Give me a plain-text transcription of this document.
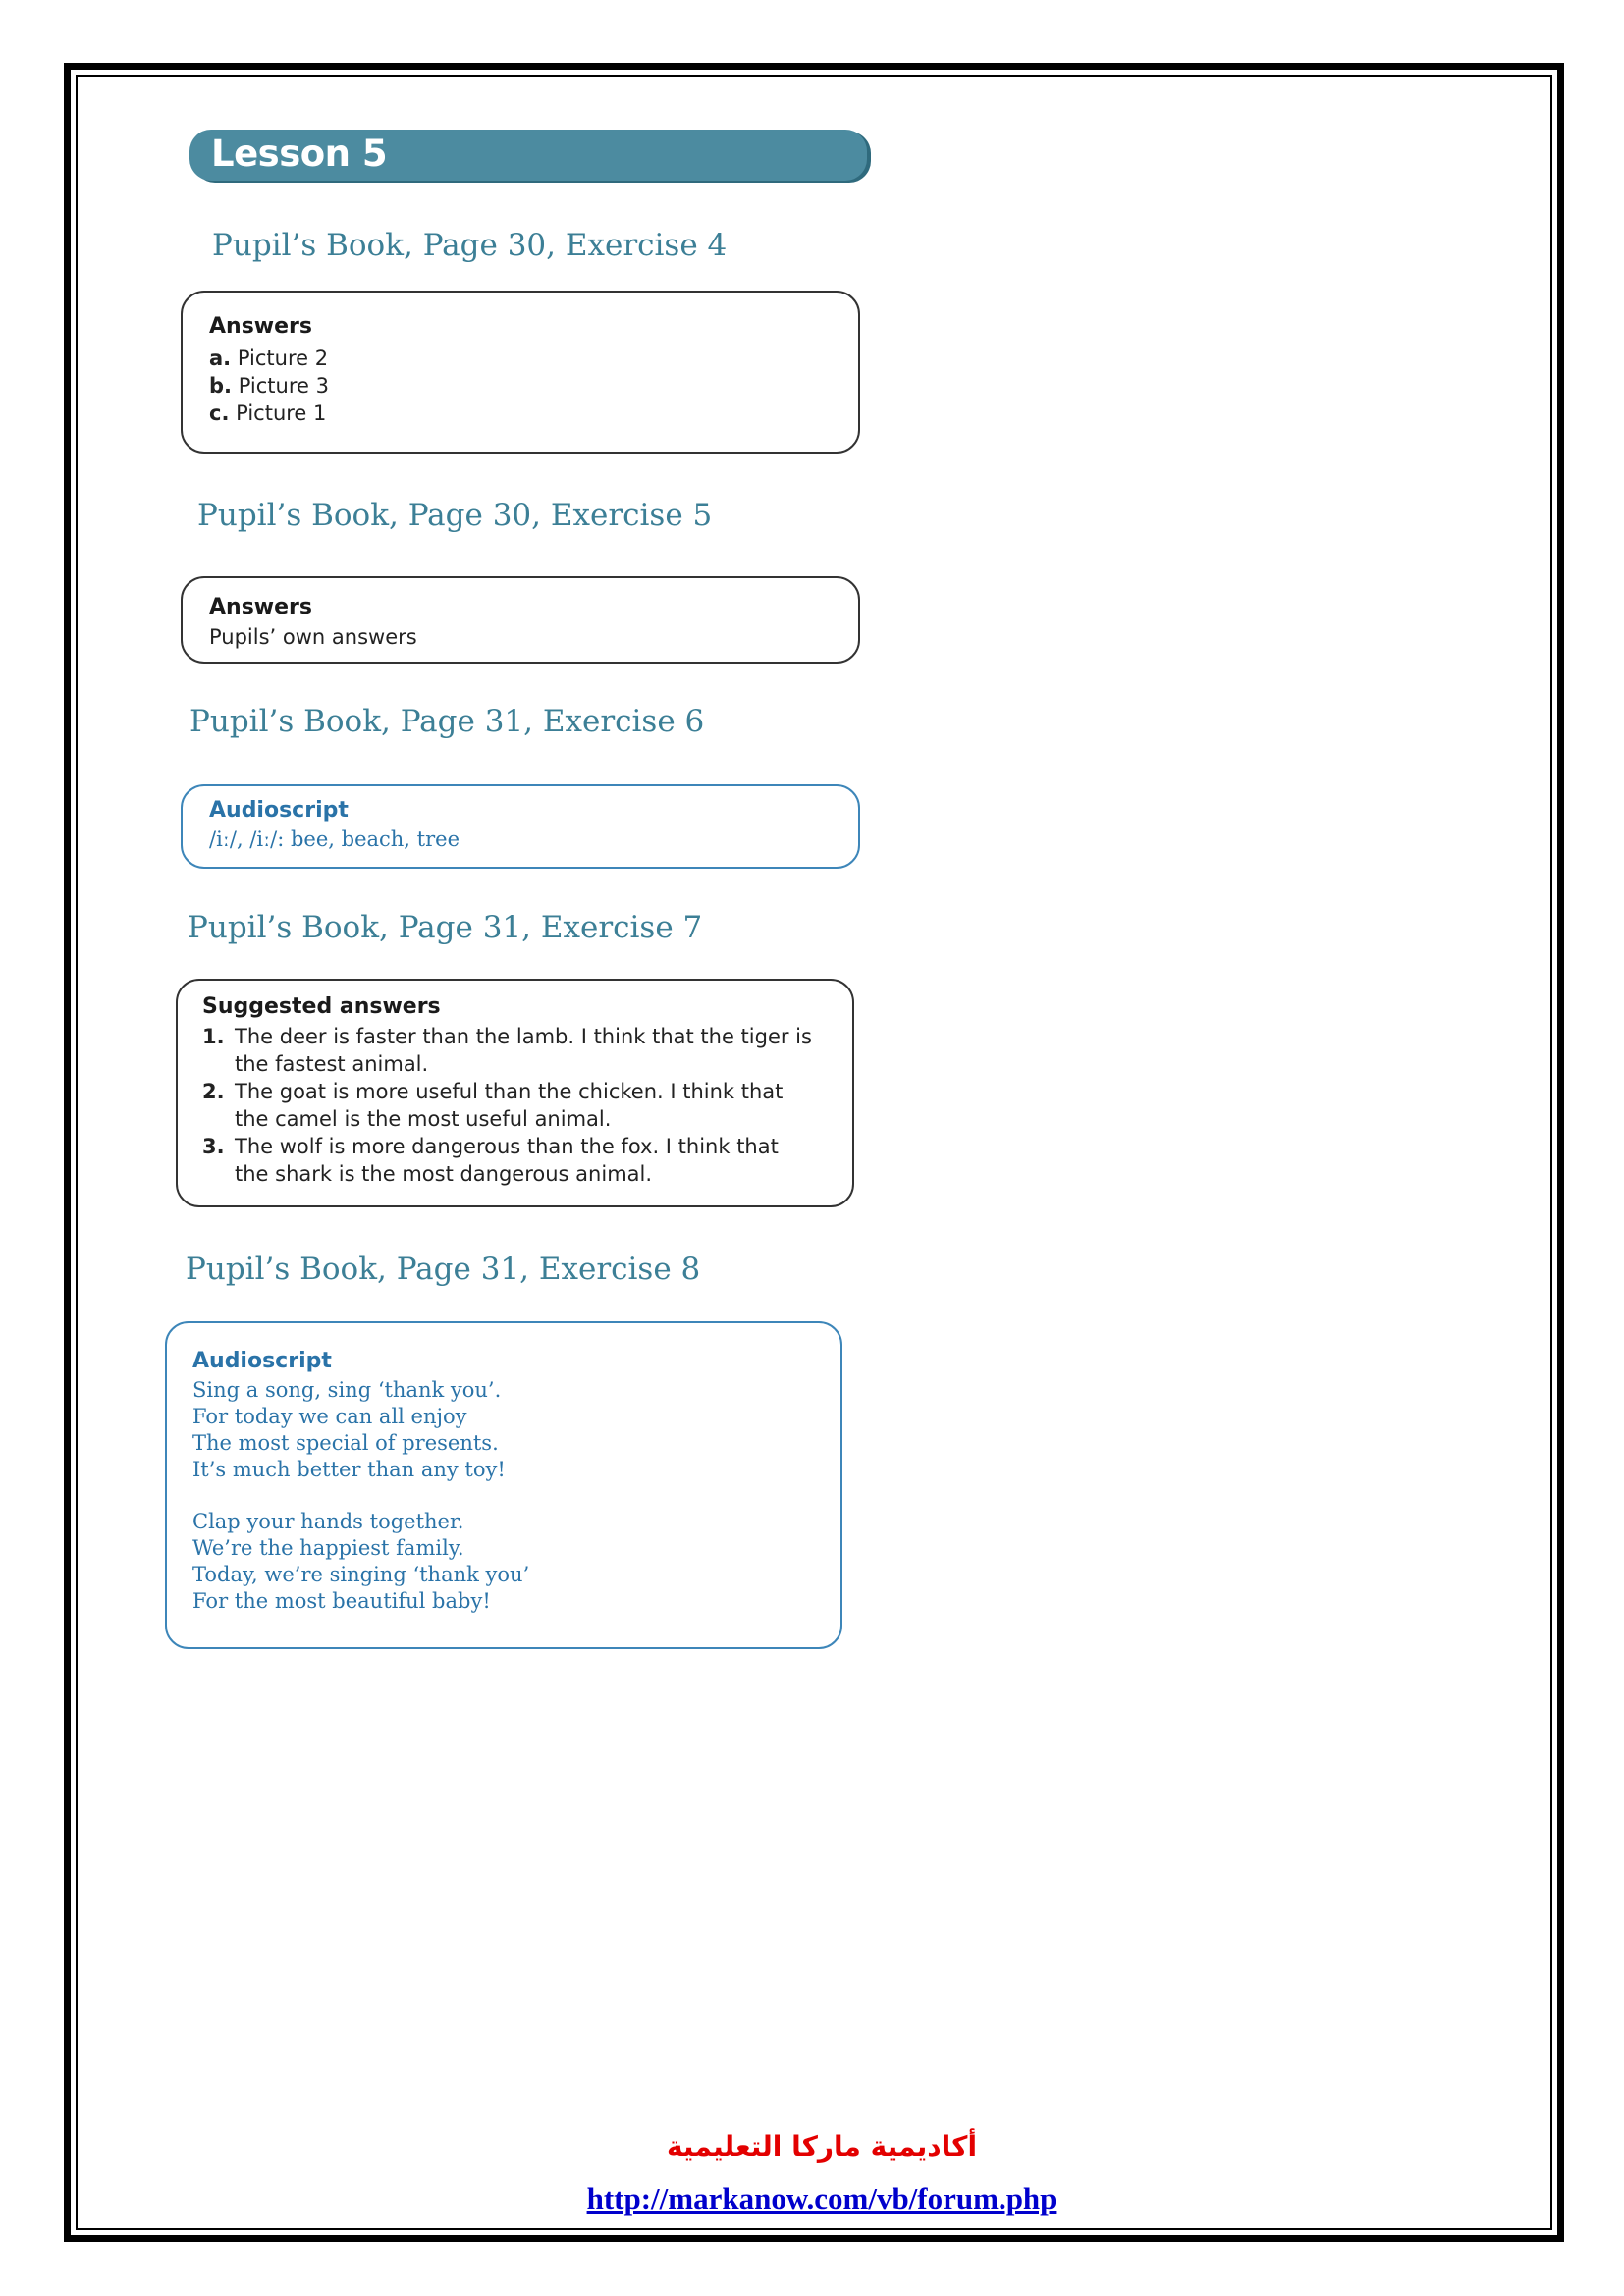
Lesson 5
Pupil’s Book, Page 30, Exercise 4
Answers
a. Picture 2
b. Picture 3
c. Picture 1
Pupil’s Book, Page 30, Exercise 5
Answers
Pupils’ own answers
Pupil’s Book, Page 31, Exercise 6
Audioscript
/iː/, /iː/: bee, beach, tree
Pupil’s Book, Page 31, Exercise 7
Suggested answers
1. The deer is faster than the lamb. I think that the tiger is
the fastest animal.
2. The goat is more useful than the chicken. I think that
the camel is the most useful animal.
3. The wolf is more dangerous than the fox. I think that
the shark is the most dangerous animal.
Pupil’s Book, Page 31, Exercise 8
Audioscript
Sing a song, sing ‘thank you’.
For today we can all enjoy
The most special of presents.
It’s much better than any toy!
Clap your hands together.
We’re the happiest family.
Today, we’re singing ‘thank you’
For the most beautiful baby!
أكاديمية ماركا التعليمية
http://markanow.com/vb/forum.php
